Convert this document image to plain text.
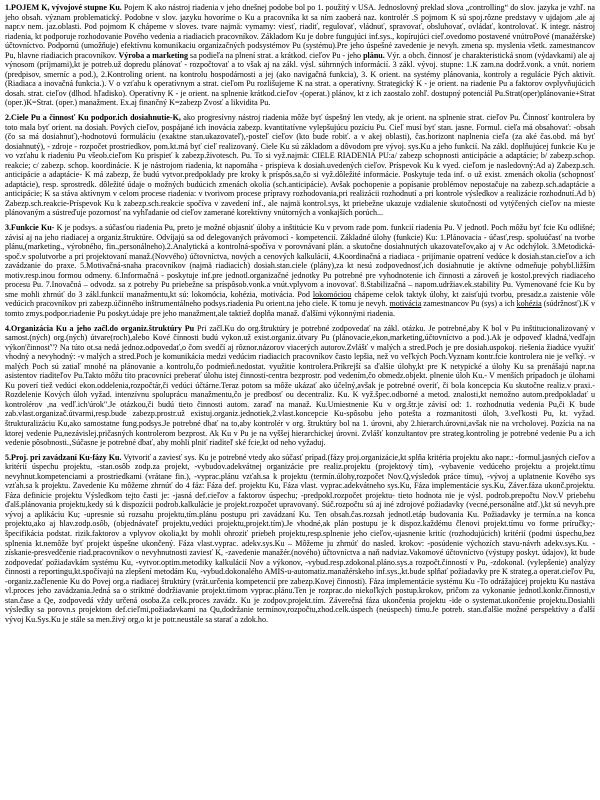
1.POJEM K, vývojové stupne Ku. Pojem K ako nástroj riadenia v jeho dnešnej podobe bol po 1. použitý v USA. Jednoslovný preklad slova „controlling“ do slov. jazyka je vzhľ. na jeho obsah. význam problematický. Podobne v slov. jazyku hovoríme o Ku a pracovníka kt sa ním zaoberá naz. kontrolér .S pojmom K sú spoj.rôzne predstavy v ujdajom ,ale aj napr.v nem. jaz.oblasti. Pod pojmom K chápeme v sloves. tvare najmä: vymamy: viesť, riadiť, regulovať, vládnuť, spravovať, obsluhovať, ovládať, kontrolovať. K integr. nástroj riadenia, kt podporuje rozhodovanie Pového vedenia a riadiacich pracovníkov. Základom Ku je dobre fungujúci inf.sys., kopírujúci cieľ.ovedomo postavené vnútroPové (manažérske) účtovníctvo. Podpornú (umožňuje) efektívnu komunikaciu organizačných podsystémov Pu (systému).Pre jeho úspešné zavedenie je nevyh. zmena sp. myslenia všetk. zamestnancov Pu, hlavne riadiacich pracovníkov. Výroba a marketing sa podieľa na plnení strat. a krátkod. cieľov Pu - jeho plánu. Výr. a obch. činnosť je charakteristická snom (výdavkami) ale aj výnosom (príjmami),kt je potreb.už dopredu plánovať - rozpočtovať a to však aj na zákl. výsl. súhrnných informácií. 3 zákl. vývoj. stupne: 1.K zam.na dodrž.vonk. a vnút. noriem (predpisov, smerníc a pod.), 2.Kontroling orient. na kontrolu hospodárnosti a jej (ako navigačná funkcia), 3. K orient. na systémy plánovania, kontroly a regulácie Pých aktivít. (Riadiaca a inovačná funkcia.). V o vzťahu k operatívnym a strat. cieľom Pu rozlišujeme K na strat. a operatívny. Strategický K - je orient. na riadenie Pu a faktorov ovplyvňujúcich dosah. strat. cieľov (dlhod. hľadisko). Operatívny K - je orient. na splnenie krátkod.cieľov -(operat.) plánov, kt z ich zaostalo zohľ. dostupný potenciál Pu.Strat(oper)plánovanie+Strat (oper.)K=Strat. (oper.) manažment. Ex.aj finančný K=zabezp Zvosť a likvidita Pu.
2.Ciele Pu a činnosť Ku podpor.ich dosiahnutie-K, ako progresívny nástroj riadenia môže byť úspešný len vtedy, ak je orient. na splnenie strat. cieľov Pu. Činnosť kontrolera by toto mala byť orient. na dosiah. Pových cieľov, pospájané ich inovácia zabezp. kvantitatívne vylepšujúcu pozíciu Pu. Cieľ musí byť stan. jasne. Formul. cieľa má obsahovať: -obsah (čo sa má dosiahnuť),-hodnotovú formuláciu (exaktne stan.ukazovateľ),-posteľ cieľov (kto bude robiť. a v akej oblasti), čas.horizont naplnenia cieľa (za aké čas.obd. má byť dosiahnutý), - zdroje - rozpočet prostriedkov, pom.kt.má byť cieľ realizovaný. Ciele Ku sú základom a dôvodom pre vývoj. sys.Ku a jeho funkcií. Na zákl. doplňujúcej funkcie Ku je vo vzťahu k riadeniu Pu všeob.cieľom Ku prispieť k zabezp.životesch. Pu. To si vyž.najmä: CIELE RIADENIA PU:a/ zabezp schopnosti anticipácie a adaptácie; b/ zabezp.schop. reakcie; c/ zabezp. schop. koordinácie. K je nástrojom riadenia, kt napomáha - prispieva k dosiah.uvedených cieľov. Príspevok Ku k vyed. cieľom je nasledovný:Ad a) Zabezp.sch. anticipácie a adaptácie- K má zabezp, že budú vytvor.predpoklady pre kroky k príspôs.sa,čo si vyž.dôležité informácie. Poskytuje teda inf. o už exist. zmenách okolia (schopnosť adaptácie), resp. sprostredk. dôležité údaje o možných budúcich zmenách okolia (sch.anticipácie). Avšak pochopenie a popísanie problémov nepostačuje na zabezp.sch.adaptácie a anticipácie; K sa stáva aktívnym v celom procese riadenia: v tvorivom procese prípravy rozhodovania,pri realizácii rozhodnutí a pri kontrole výsledkov a realizácie rozhodnutí.Ad b) Zabezp.sch.reakcie-Príspevok Ku k zabezp.sch.reakcie spočíva v zavedení inf., ale najmä kontrol.sys, kt priebežne ukazuje vzdialenie skutočnosti od vytýčených cieľov na mieste plánovaným a sústreďuje pozornosť na vyhľadanie od cieľov zamerané korektívny vnútorných a vonkajších porúch...
3.Funkcie Ku- K je podsys. a súčasťou riadenia Pu, preto je možné objasniť úlohy a inštitúcie Ku v prvom rade pom. funkcií riadenia Pu. V jednotl. Poch môžu byť fcie Ku odlišné; závisí aj na jeho riadiacej a organiz.štruktúre. Odvíjajú sa od delegovaných právomocí - kompetencií. Základné úlohy (funkcie) Ku: 1.Plánovacia - účasť,resp. spoluúčasť na tvorbe plánu,(marketing., výrobného, fin.,personálneho).2.Analytická a kontrolná-spočíva v porovnávaní plán. a skutočne dosiahnutých ukazovateľov,ako aj v Ac odchýlok. 3.Metodická-spoč.v spolutvorbe a pri projektovaní manaž.(Novvého) účtovníctva, nových a cenových kalkulácií, 4.Koordinačná a riadiaca - prijímanie opatrení vedúce k dosiah.stan.cieľov a ich zavádzanie do praxe. 5.Motivačná-snaha pracovníkov (najmä riadiacich) dosiah.stan.ciele (plány),za kt nesú zodpovednosť,ich dosiahnutie je aktívne odmeňuje pohybl.ližším motiv.resp.inou formou odmeny. 6.Informačná - poskytuje inf.pre jednotl.organizačné jednotky Pu potrebné pre vyhodnotenie ich činnosti a zároveň je kostol.prevých riadiaceho procesu Pu. 7.Inovačná – odvodz. sa z potreby Pu priebežne sa príspôsob.vonk.a vnút.vplyvom a inovovať. 8.Stabilizačná – napom.udržiav.ek.stability Pu. Vymenované fcie Ku by sme mohli zhrnúť do 3 zákl.funkcií manažmentu,kt sú: lokomócia, kohézia, motivácia. Pod lokomóciou chápeme celok taktyk úlohy, kt zaisťujú tvorbu, presadz.a zaistenie vôle vedúcich pracovníkov pri zabezp.účinného inštrumentálneho podsys.riadenia Pu orient.na jeho ciele. K tomu je nevyh. motivácia zamestnancov Pu (sys) a ich kohézia (súdržnosť).K v tomto zmys.podpor.riadenie Pu poskyt.údaje pre jeho manažment,ale taktiež doplňa manaž. ďalšími výkonnými riadenia.
4.Organizácia Ku a jeho začl.do organiz.štruktúry Pu Pri začl.Ku do org.štruktúry je potrebné zodpovedať na zákl. otázku. Je potrebné,aby K bol v Pu inštitucionalizovaný v samost.(ných) org.(ných) útvare(roch),alebo Kové činnosti budú vykon.už exist.organiz.útvary Pu (plánovacie,ekon,marketing,účtovníctvo a pod.).Ak je odpoveď kladná,'vedľajn výkon'činnosť''? Na túto ot.sa nedá jednoz.odpovedať,o čom svedčí aj rôznor.názorov viacerých autorov.Zvlášť v malých a stred.Poch je pre dosiah.uspokoj. riešenia žiadúce využiť vhodný a nevyhodný: -v malých a stred.Poch je komunikácia medzi vedúcim riadiacich pracovníkov často lepšia, než vo veľkých Poch.Vyznam kontr.fcie kontrolera nie je veľký. -v malých Poch sú zatiaľ mnohé na plánovanie a kontrolu,čo podmieň.nedostat. využitie kontrolera.Príkrejší sa ďalšie úlohy,kt pre K netypické a úlohy Ku sa prenášajú napr.na asistentov riaditeľov Pu.Takto môžu títo pracovníci preberať úlohu istej činnosti-centra bezprostr. pod vedením,čo obmedz.objekt. plnenie úloh Ku.- V menších prípadoch je úlohami Ku poverí tiež vedúci ekon.oddelenia,rozpočtár,či vedúci účtárne.Teraz potom sa môže ukázať ako účelný,avšak je potrebné overiť, či bola koncepcia Ku skutočne realiz.v praxi.-Rozdelenie Kových úloh vyžad. intenzívnu spoluprácu manažmentu,čo je predbosť ou decentraliz. Ku. K vyž.špec.odborné a metod. znalosti,kt nemožno autom.predpokladať u kontrolérov ,na vedľ.ich'úrok".Je otázkou,či budú tieto činnosti autom. zaraď na manaž. Ku.Umiestnenie Ku v org.štr.je závisí od: 1. rozhodnutia vedenia Pu,či K bude zab.vlast.organizač.útvarmi,resp.bude zabezp.prostr.už existuj.organiz.jednotiek,2.vlast.koncepcie Ku-spôsobu jeho potešta a rozmanitosti úloh, 3.veľkosti Pu, kt. vyžad. štrukturalizáciu Ku,ako samostatne fung.podsys.Je potrebné dbať na to,aby kontrolér v org. štruktúry bol na 1. úrovni, aby 2.hierarch.úrovni,avšak nie na vrcholovej. Pozícia na na ktorej vedenie Pu,nezávislej.pričasných kontrolerom bezprost. Ak Ku v Pu je na vyššej hierarchickej úrovni. Zvlášť konzultantov pre strateg.kontroling je potrebné vedenie Pu a ich vedenie pôsobnosti.‚Súčasne je potrebné dbať, aby mohli plniť riaditeľ ské fcie,kt od neho vyžaduj.
5.Proj. pri zavádzaní Ku-fázy Ku. Vytvoriť a zaviesť sys. Ku je potrebné vtedy ako súčasť prípad.(fázy proj.organizácie,kt splňa kritéria projektu ako napr.: -formul.jasných cieľov a kritérií úspechu projektu, -stan.osôb zodp.za projekt, -vybudov.adekvátnej organizácie pre realiz.projektu (projektový tím), -vybavenie vedúceho projektu a projekt.tímu nevyhnut.kompetenciami a prostriedkami (vrátane fin.), -vyprac.plánu vzťah.sa k projektu (termín.úlohy,rozpočet Nov.Q,výsledok práce tímu), -vývoj a uplatnenie Kového sys vzťah.sa k projektu. Zavedenie Ku môžeme zhrnúť do 4 fáz: Fáza def. projektu Ku, Fáza vlast. vyprac.adekvátneho sys.Ku, Fáza implementácie sys.Ku, Záver.fáza ukonč.projektu. Fáza definície projektu Výsledkom tejto časti je: -jasná def.cieľov a faktorov úspechu; -predpokl.rozpočet projektu- tieto hodnota nie je výsl. podrob.prepočtu Nov.V priebehu ďalš.plánovania projektu,kedy sú k dispozícii podrob.kalkulácie je projekt.rozpočet upravovaný. Súč.rozpočtu sú aj iné zdrojové požiadavky (vecné,personálne atď.),kt sú nevyh.pre vývoj a aplikáciu Ku; -upresnie sú rozsahu projektu,tím.plánu postupu pri zavádzaní Ku. Ten obsah.čas.rozsah jednotl.etáp budovania Ku. Požiadavky je termín.a na konca projektu,ako aj hlav.zodp.osôb, (objednávateľ projektu,vedúci projektu,projekt.tím).Je vhodné,ak plán postupu je k dispoz.každému členovi projekt.tímu vo forme príručky;-špecifikácia podstat. rizik.faktorov a vplyvov okolia,kt by mohli ohroziť priebeh projektu,resp.splnenie jeho cieľov,-ujasnenie kritíc (rozhodujúcich) kritérií (podmi úspechu,bez splnenia kt.nemôže byť projekt úspešne ukončený. Fáza vlast.vyprac. adekv.sys.Ku – Môžeme ju zhrnúť do nasled. krokov: -posúdenie výchozích stavu-návrh adekv.sys.Ku. -získanie-presvedčenie riad.pracovníkov o nevyhnutnosti zaviesť K, -zavedenie manažér.(nového) účtovníctva a naň nadviaz.Vakomové účtovníctvo (výstupy poskyt. údajov), kt bude zodpovedať požiadavkám systému Ku, -vytvor.optim.metodiky kalkulácií Nov a výkonov, -vybud.resp.zdokonal.pláno.sys.a rozpočt.činností v Pu, -zdokonal. (vylepšenie) analýzy činnosti a reportingu,kt.spočívajú na zlepšení metodám Ku, -vybud.dokonalého AMIS-u-automatiz.manažérskeho inf.sys.,kt.bude splňať požiadavky pre K strateg.a operat.cieľov Pu, -organiz.začlenenie Ku do Povej org.a riadiacej štruktúry (vrát.určenia kompetencií pre zabezp.Kovej činnosti). Fáza implementácie systému Ku -To odrážajúcej projektu Ku nastáva vl.proces jeho zavádzania.Jedná sa o striktné dodržiavanie projekt.tímom vyprac.plánu.Ten je rozprac.do niekoľkých postup.krokov, pričom za vykonanie jednotl.konkr.činnosti,v stan.čase a Qe, zodpovedá vždy určená osoba.Za celk.proces zavádz. Ku je zodpov.projekt.tím. Záverečná fáza ukončenia projektu -ide o systemat.ukončenie projektu.Dosiahli výsledky sa porovn.s projektom def.cieľmi,požiadavkami na Qu,dodržanie termínov,rozpočtu,zhod.celk.úspech (neúspech) tímu.Je potreb. stan.ďalšie možné perspektívy a ďalší vývoj Ku.Sys.Ku je stále sa men.živý org,o kt je potr.neustále sa starať a zdok.ho.
